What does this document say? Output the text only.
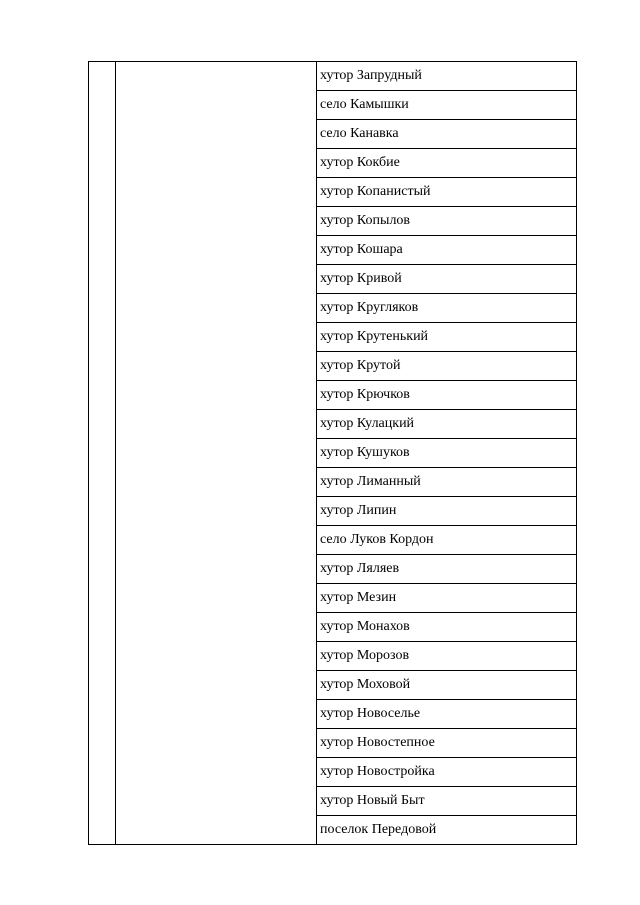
		хутор Запрудный
село Камышки
село Канавка
хутор Кокбие
хутор Копанистый
хутор Копылов
хутор Кошара
хутор Кривой
хутор Кругляков
хутор Крутенький
хутор Крутой
хутор Крючков
хутор Кулацкий
хутор Кушуков
хутор Лиманный
хутор Липин
село Луков Кордон
хутор Ляляев
хутор Мезин
хутор Монахов
хутор Морозов
хутор Моховой
хутор Новоселье
хутор Новостепное
хутор Новостройка
хутор Новый Быт
поселок Передовой
